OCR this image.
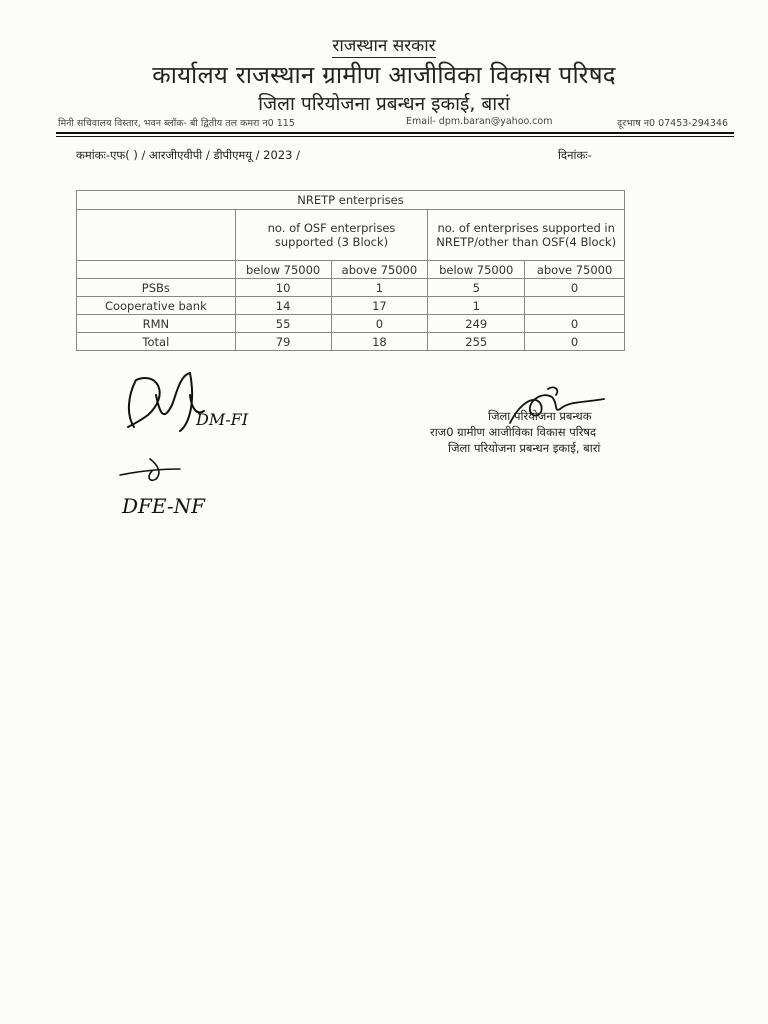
राजस्थान सरकार
कार्यालय राजस्थान ग्रामीण आजीविका विकास परिषद
जिला परियोजना प्रबन्धन इकाई, बारां
मिनी सचिवालय विस्तार, भवन ब्लॉक- बी द्वितीय तल कमरा न0 115	Email- dpm.baran@yahoo.com	दूरभाष न0 07453-294346
कमांकः-एफ( ) / आरजीएवीपी / डीपीएमयू / 2023 /	दिनांकः-
NRETP enterprises				
	no. of OSF enterprises supported (3 Block)		no. of enterprises supported in NRETP/other than OSF(4 Block)	
	below 75000	above 75000	below 75000	above 75000
PSBs	10	1	5	0
Cooperative bank	14	17	1	
RMN	55	0	249	0
Total	79	18	255	0
DM-FI
DFE-NF
जिला परियोजना प्रबन्धक
राज0 ग्रामीण आजीविका विकास परिषद
जिला परियोजना प्रबन्धन इकाई, बारां
